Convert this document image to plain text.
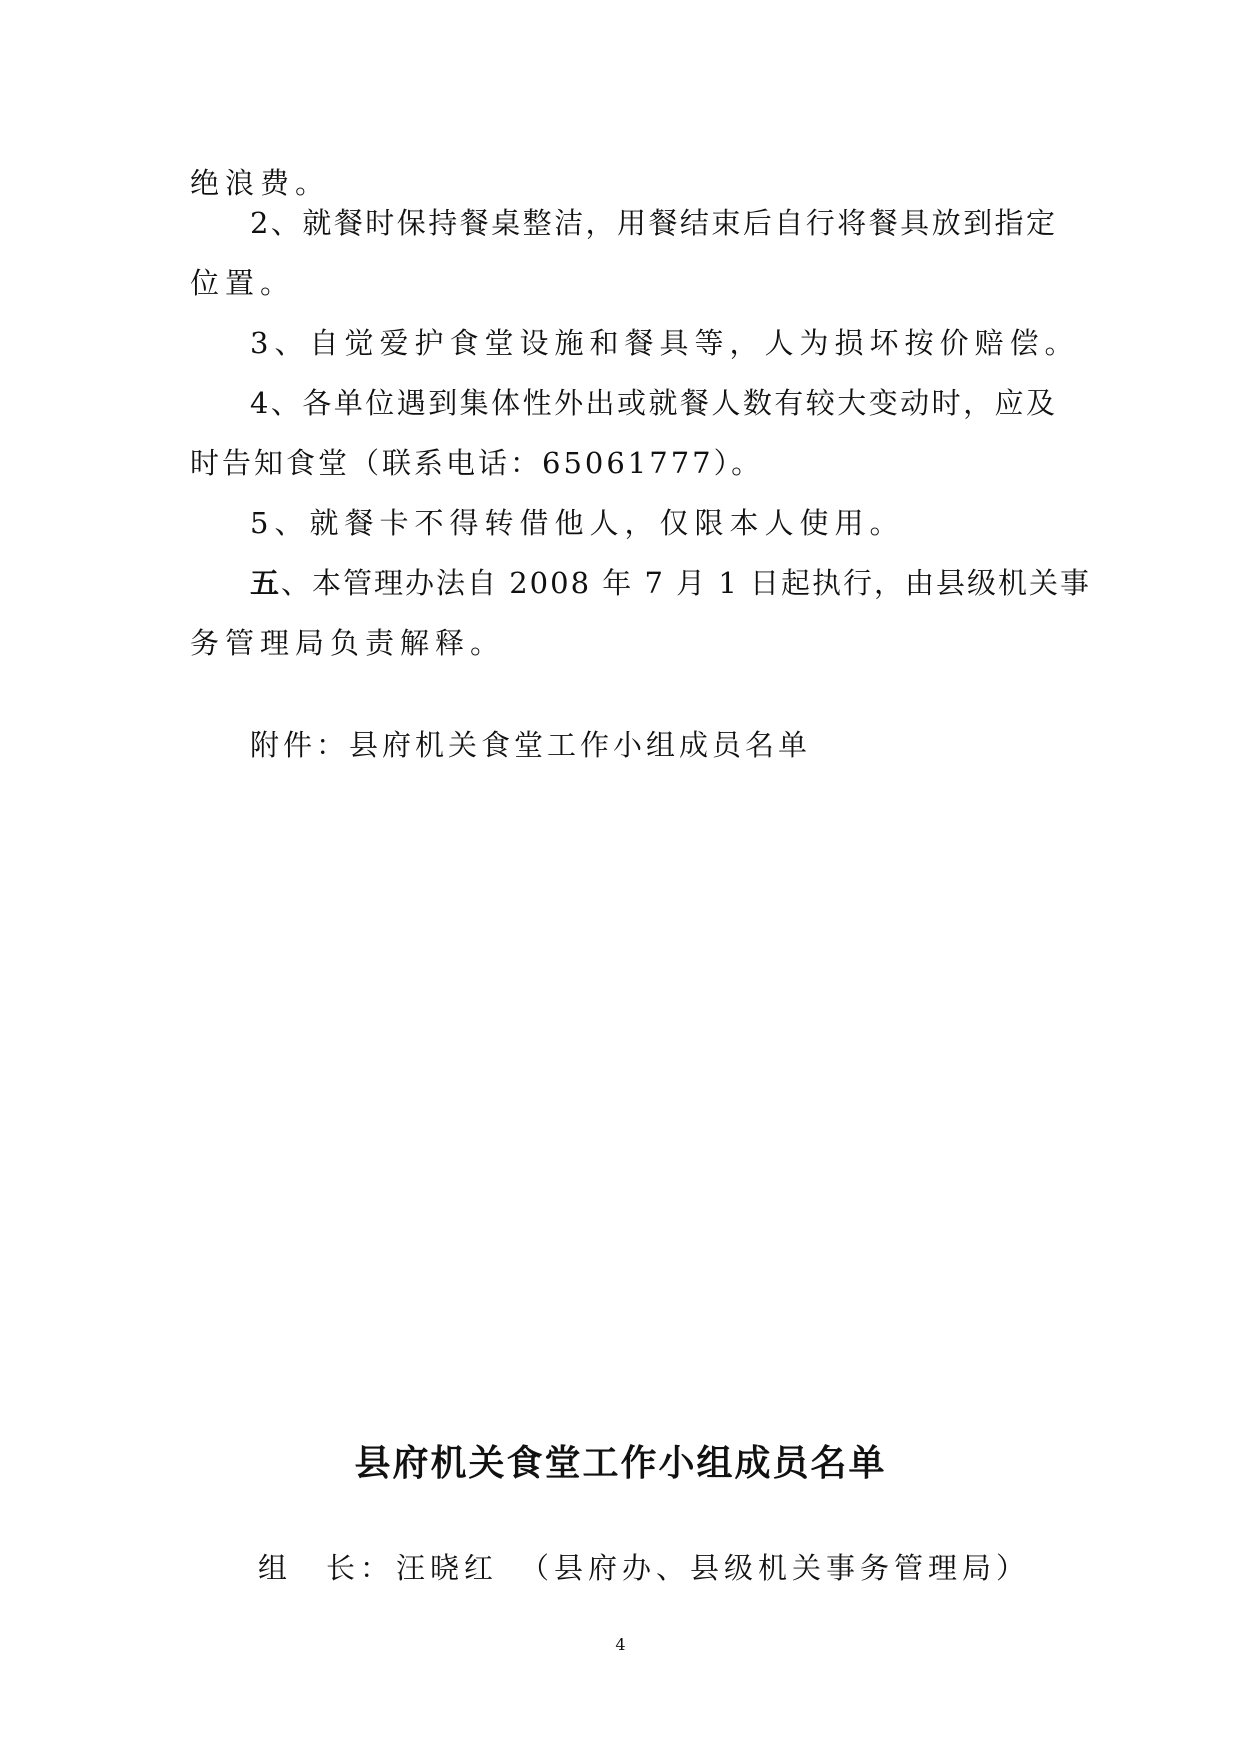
绝浪费。
2、就餐时保持餐桌整洁，用餐结束后自行将餐具放到指定
位置。
3、自觉爱护食堂设施和餐具等，人为损坏按价赔偿。
4、各单位遇到集体性外出或就餐人数有较大变动时，应及
时告知食堂（联系电话：65061777）。
5、就餐卡不得转借他人，仅限本人使用。
五、本管理办法自 2008 年 7 月 1 日起执行，由县级机关事
务管理局负责解释。
附件：县府机关食堂工作小组成员名单
县府机关食堂工作小组成员名单
组　长：汪晓红 （县府办、县级机关事务管理局）
4
